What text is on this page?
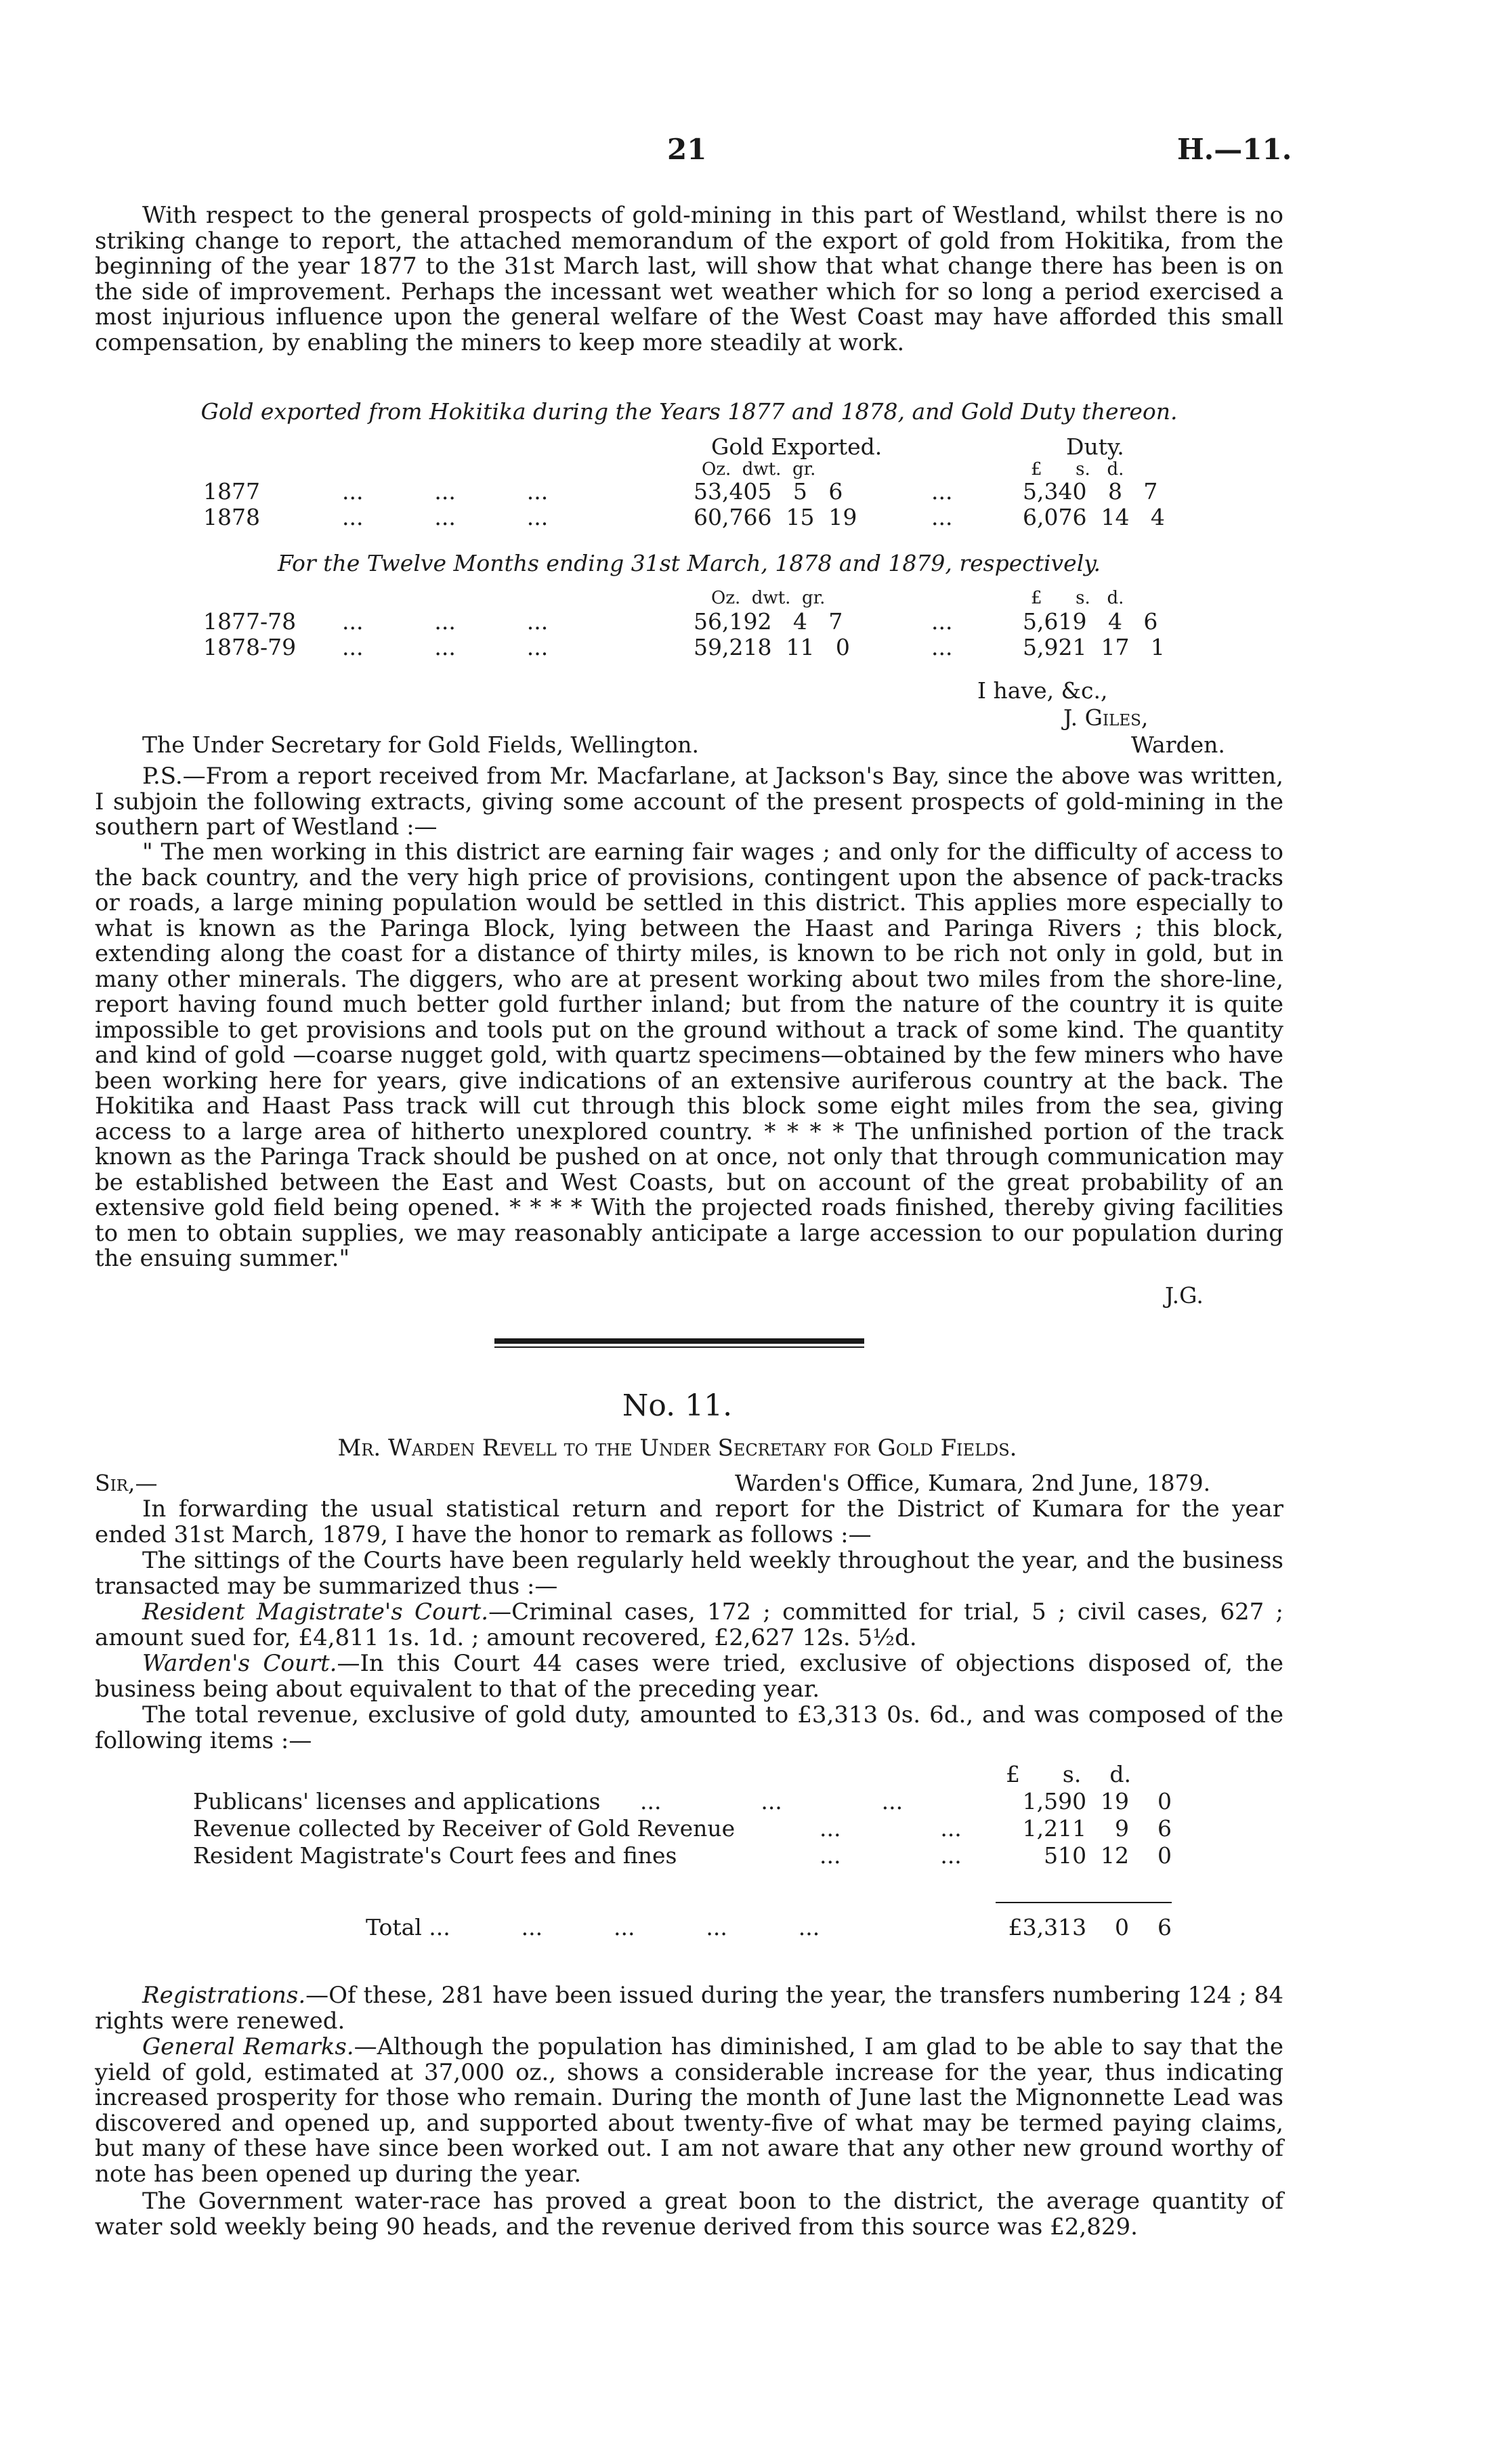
21	H.—11.

With respect to the general prospects of gold-mining in this part of Westland, whilst there is no striking change to report, the attached memorandum of the export of gold from Hokitika, from the beginning of the year 1877 to the 31st March last, will show that what change there has been is on the side of improvement. Perhaps the incessant wet weather which for so long a period exercised a most injurious influence upon the general welfare of the West Coast may have afforded this small compensation, by enabling the miners to keep more steadily at work.

Gold exported from Hokitika during the Years 1877 and 1878, and Gold Duty thereon.
Gold Exported.	Duty.
Oz.  dwt.  gr.	£      s.   d.
1877	...          ...          ...	53,405   5   6	...	5,340   8   7
1878	...          ...          ...	60,766  15  19	...	6,076  14   4
For the Twelve Months ending 31st March, 1878 and 1879, respectively.
Oz.  dwt.  gr.	£      s.   d.
1877-78 ...          ...          ...	56,192   4   7	...	5,619   4   6
1878-79 ...          ...          ...	59,218  11   0	...	5,921  17   1
I have, &c.,
J. Giles,
Warden.
The Under Secretary for Gold Fields, Wellington.

P.S.—From a report received from Mr. Macfarlane, at Jackson's Bay, since the above was written, I subjoin the following extracts, giving some account of the present prospects of gold-mining in the southern part of Westland :—

" The men working in this district are earning fair wages ; and only for the difficulty of access to the back country, and the very high price of provisions, contingent upon the absence of pack-tracks or roads, a large mining population would be settled in this district. This applies more especially to what is known as the Paringa Block, lying between the Haast and Paringa Rivers ; this block, extending along the coast for a distance of thirty miles, is known to be rich not only in gold, but in many other minerals. The diggers, who are at present working about two miles from the shore-line, report having found much better gold further inland; but from the nature of the country it is quite impossible to get provisions and tools put on the ground without a track of some kind. The quantity and kind of gold —coarse nugget gold, with quartz specimens—obtained by the few miners who have been working here for years, give indications of an extensive auriferous country at the back. The Hokitika and Haast Pass track will cut through this block some eight miles from the sea, giving access to a large area of hitherto unexplored country. * * * * The unfinished portion of the track known as the Paringa Track should be pushed on at once, not only that through communication may be established between the East and West Coasts, but on account of the great probability of an extensive gold field being opened. * * * * With the projected roads finished, thereby giving facilities to men to obtain supplies, we may reasonably anticipate a large accession to our population during the ensuing summer."

J.G.
No. 11.
Mr. Warden Revell to the Under Secretary for Gold Fields.
Sir,—	Warden's Office, Kumara, 2nd June, 1879.

In forwarding the usual statistical return and report for the District of Kumara for the year ended 31st March, 1879, I have the honor to remark as follows :—

The sittings of the Courts have been regularly held weekly throughout the year, and the business transacted may be summarized thus :—

Resident Magistrate's Court.—Criminal cases, 172 ; committed for trial, 5 ; civil cases, 627 ; amount sued for, £4,811 1s. 1d. ; amount recovered, £2,627 12s. 5½d.

Warden's Court.—In this Court 44 cases were tried, exclusive of objections disposed of, the business being about equivalent to that of the preceding year.

The total revenue, exclusive of gold duty, amounted to £3,313 0s. 6d., and was composed of the following items :—

£      s.    d.
Publicans' licenses and applications ...              ...              ...	1,590  19    0
Revenue collected by Receiver of Gold Revenue	...              ...	1,211    9    6
Resident Magistrate's Court fees and fines	...              ...	510  12    0
Total ...          ...          ...          ...          ...	£3,313    0    6

Registrations.—Of these, 281 have been issued during the year, the transfers numbering 124 ; 84 rights were renewed.

General Remarks.—Although the population has diminished, I am glad to be able to say that the yield of gold, estimated at 37,000 oz., shows a considerable increase for the year, thus indicating increased prosperity for those who remain. During the month of June last the Mignonnette Lead was discovered and opened up, and supported about twenty-five of what may be termed paying claims, but many of these have since been worked out. I am not aware that any other new ground worthy of note has been opened up during the year.

The Government water-race has proved a great boon to the district, the average quantity of water sold weekly being 90 heads, and the revenue derived from this source was £2,829.
